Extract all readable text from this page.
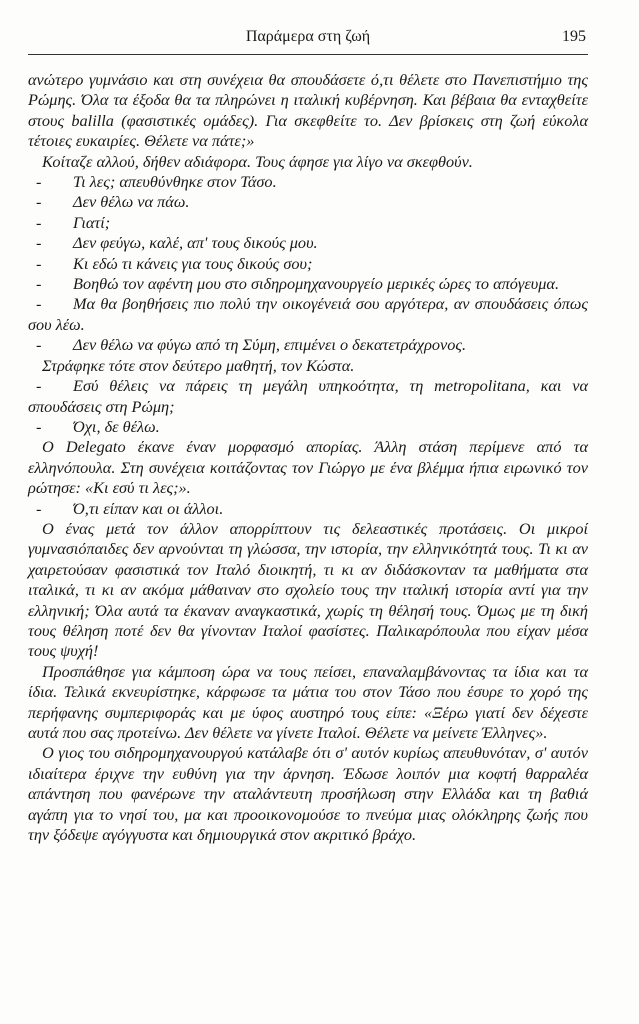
Παράμερα στη ζωή	195

ανώτερο γυμνάσιο και στη συνέχεια θα σπουδάσετε ό,τι θέλετε στο Πανεπιστήμιο της Ρώμης. Όλα τα έξοδα θα τα πληρώνει η ιταλική κυβέρνηση. Και βέβαια θα ενταχθείτε στους balilla (φασιστικές ομάδες). Για σκεφθείτε το. Δεν βρίσκεις στη ζωή εύκολα τέτοιες ευκαιρίες. Θέλετε να πάτε;»

Κοίταζε αλλού, δήθεν αδιάφορα. Τους άφησε για λίγο να σκεφθούν.

- Τι λες; απευθύνθηκε στον Τάσο.

- Δεν θέλω να πάω.

- Γιατί;

- Δεν φεύγω, καλέ, απ' τους δικούς μου.

- Κι εδώ τι κάνεις για τους δικούς σου;

- Βοηθώ τον αφέντη μου στο σιδηρομηχανουργείο μερικές ώρες το απόγευμα.

- Μα θα βοηθήσεις πιο πολύ την οικογένειά σου αργότερα, αν σπουδάσεις όπως σου λέω.

- Δεν θέλω να φύγω από τη Σύμη, επιμένει ο δεκατετράχρονος.

Στράφηκε τότε στον δεύτερο μαθητή, τον Κώστα.

- Εσύ θέλεις να πάρεις τη μεγάλη υπηκοότητα, τη metropolitana, και να σπουδάσεις στη Ρώμη;

- Όχι, δε θέλω.

Ο Delegato έκανε έναν μορφασμό απορίας. Άλλη στάση περίμενε από τα ελληνόπουλα. Στη συνέχεια κοιτάζοντας τον Γιώργο με ένα βλέμμα ήπια ειρωνικό τον ρώτησε: «Κι εσύ τι λες;».

- Ό,τι είπαν και οι άλλοι.

Ο ένας μετά τον άλλον απορρίπτουν τις δελεαστικές προτάσεις. Οι μικροί γυμνασιόπαιδες δεν αρνούνται τη γλώσσα, την ιστορία, την ελληνικότητά τους. Τι κι αν χαιρετούσαν φασιστικά τον Ιταλό διοικητή, τι κι αν διδάσκονταν τα μαθήματα στα ιταλικά, τι κι αν ακόμα μάθαιναν στο σχολείο τους την ιταλική ιστορία αντί για την ελληνική; Όλα αυτά τα έκαναν αναγκαστικά, χωρίς τη θέλησή τους. Όμως με τη δική τους θέληση ποτέ δεν θα γίνονταν Ιταλοί φασίστες. Παλικαρόπουλα που είχαν μέσα τους ψυχή!

Προσπάθησε για κάμποση ώρα να τους πείσει, επαναλαμβάνοντας τα ίδια και τα ίδια. Τελικά εκνευρίστηκε, κάρφωσε τα μάτια του στον Τάσο που έσυρε το χορό της περήφανης συμπεριφοράς και με ύφος αυστηρό τους είπε: «Ξέρω γιατί δεν δέχεστε αυτά που σας προτείνω. Δεν θέλετε να γίνετε Ιταλοί. Θέλετε να μείνετε Έλληνες».

Ο γιος του σιδηρομηχανουργού κατάλαβε ότι σ' αυτόν κυρίως απευθυνόταν, σ' αυτόν ιδιαίτερα έριχνε την ευθύνη για την άρνηση. Έδωσε λοιπόν μια κοφτή θαρραλέα απάντηση που φανέρωνε την αταλάντευτη προσήλωση στην Ελλάδα και τη βαθιά αγάπη για το νησί του, μα και προοικονομούσε το πνεύμα μιας ολόκληρης ζωής που την ξόδεψε αγόγγυστα και δημιουργικά στον ακριτικό βράχο.
